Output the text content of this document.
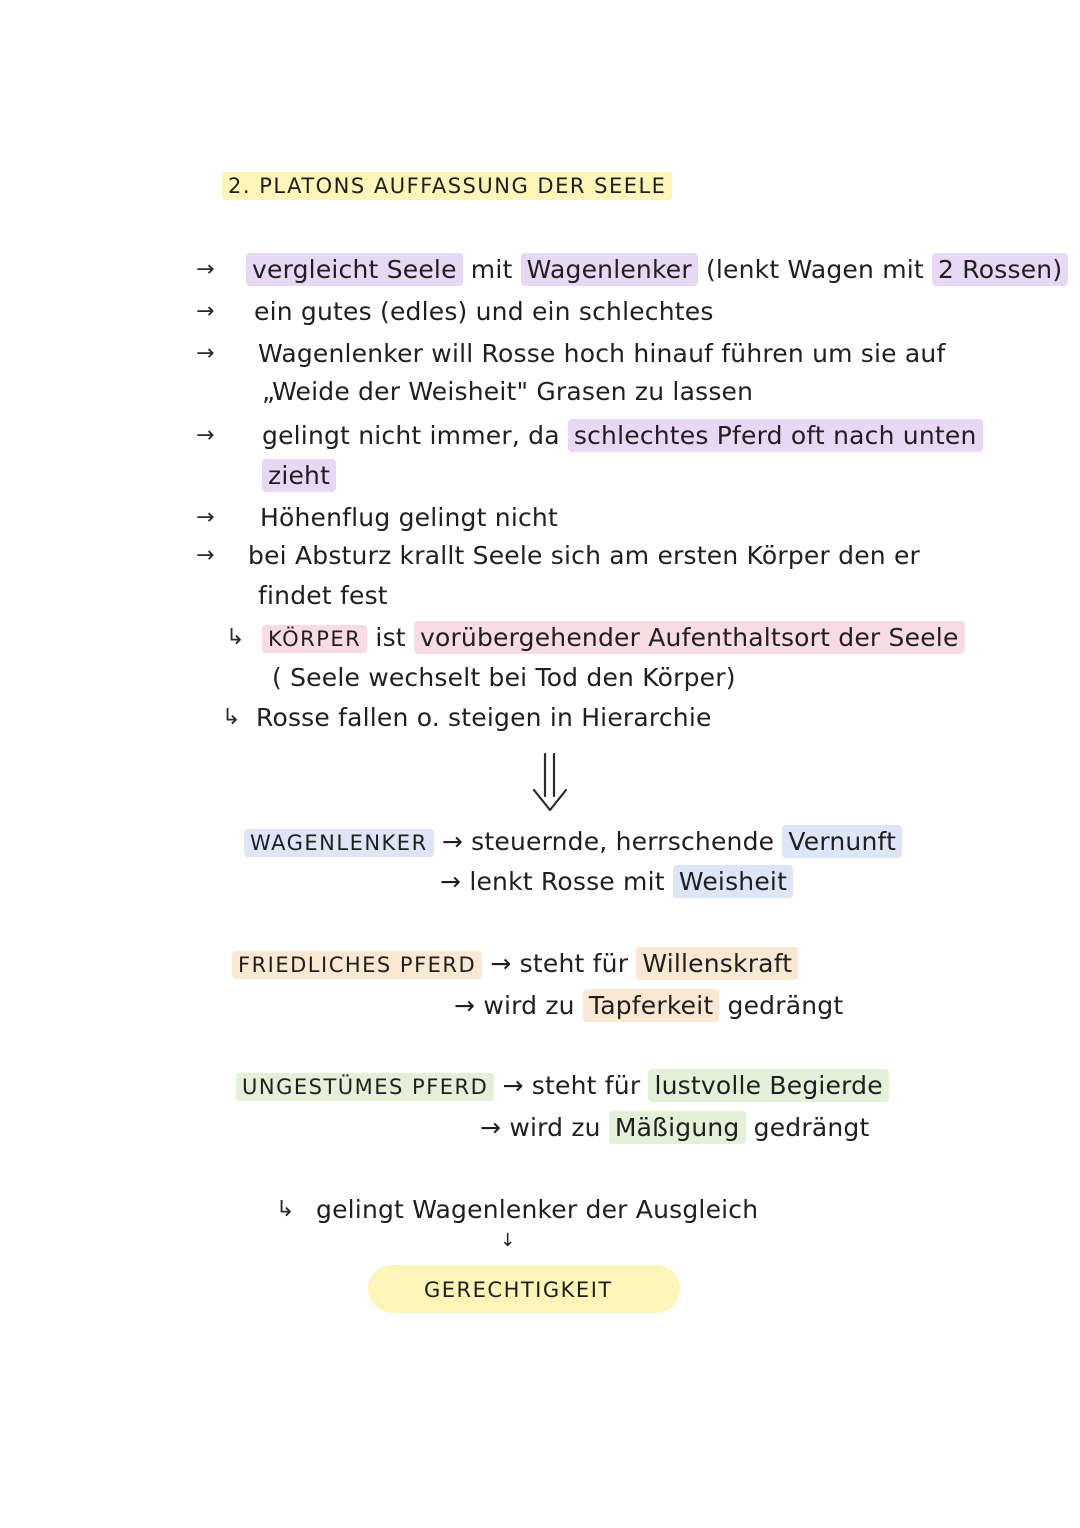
2. PLATONS AUFFASSUNG DER SEELE
→ vergleicht Seele mit Wagenlenker (lenkt Wagen mit 2 Rossen)
→ ein gutes (edles) und ein schlechtes
→ Wagenlenker will Rosse hoch hinauf führen um sie auf
„Weide der Weisheit" Grasen zu lassen
→ gelingt nicht immer, da schlechtes Pferd oft nach unten
zieht
→ Höhenflug gelingt nicht
→ bei Absturz krallt Seele sich am ersten Körper den er
findet fest
↳ KÖRPER ist vorübergehender Aufenthaltsort der Seele
( Seele wechselt bei Tod den Körper)
↳ Rosse fallen o. steigen in Hierarchie
WAGENLENKER → steuernde, herrschende Vernunft
→ lenkt Rosse mit Weisheit
FRIEDLICHES PFERD → steht für Willenskraft
→ wird zu Tapferkeit gedrängt
UNGESTÜMES PFERD → steht für lustvolle Begierde
→ wird zu Mäßigung gedrängt
↳ gelingt Wagenlenker der Ausgleich
↓
GERECHTIGKEIT
